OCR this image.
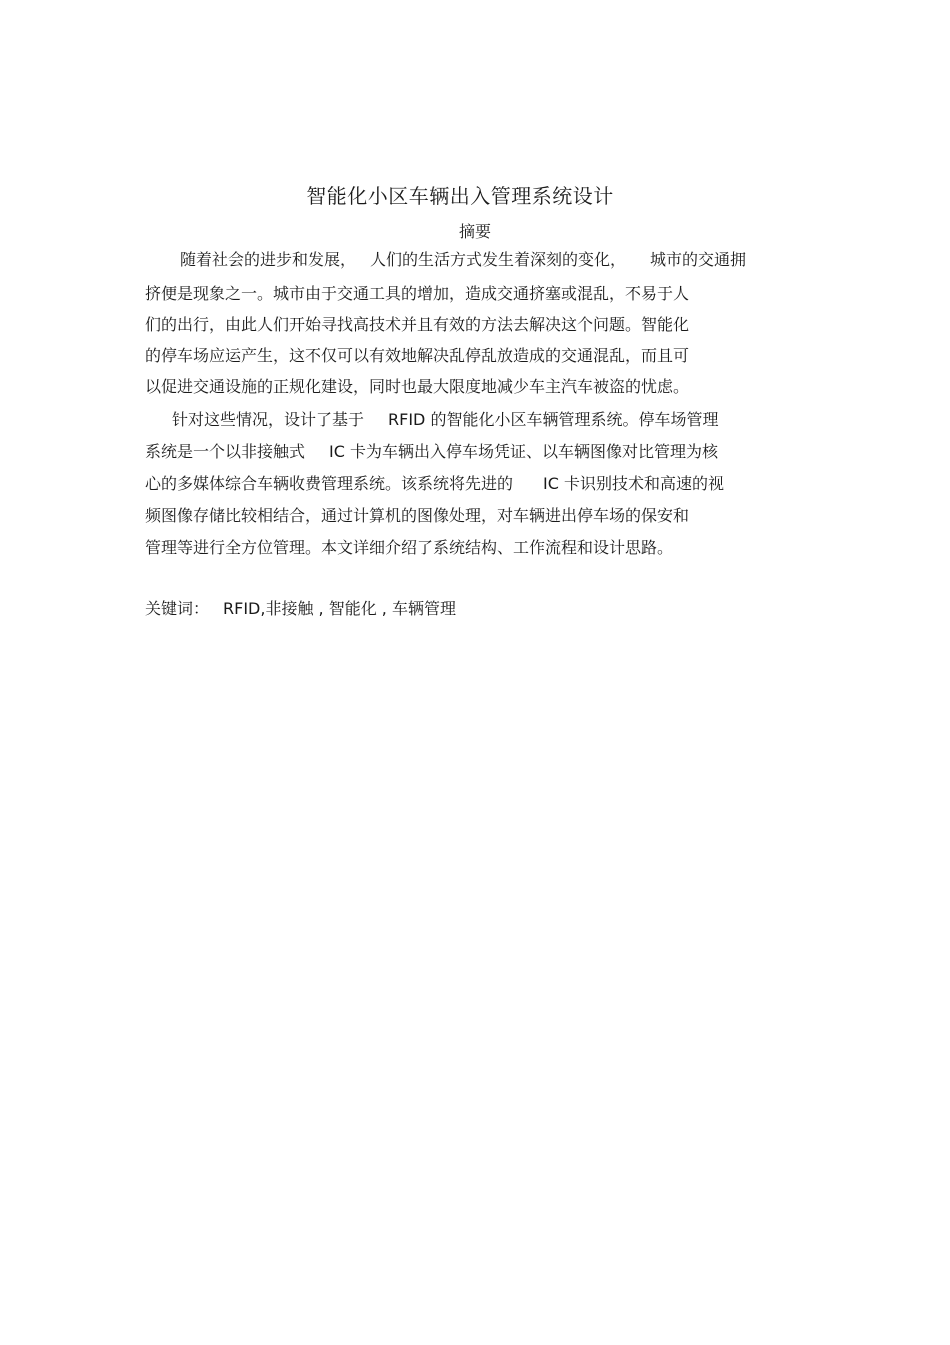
智能化小区车辆出入管理系统设计
摘要
随着社会的进步和发展， 人们的生活方式发生着深刻的变化， 城市的交通拥
挤便是现象之一。城市由于交通工具的增加，造成交通挤塞或混乱，不易于人
们的出行，由此人们开始寻找高技术并且有效的方法去解决这个问题。智能化
的停车场应运产生，这不仅可以有效地解决乱停乱放造成的交通混乱，而且可
以促进交通设施的正规化建设，同时也最大限度地减少车主汽车被盗的忧虑。
针对这些情况，设计了基于 RFID 的智能化小区车辆管理系统。停车场管理
系统是一个以非接触式 IC 卡为车辆出入停车场凭证、以车辆图像对比管理为核
心的多媒体综合车辆收费管理系统。该系统将先进的 IC 卡识别技术和高速的视
频图像存储比较相结合，通过计算机的图像处理，对车辆进出停车场的保安和
管理等进行全方位管理。本文详细介绍了系统结构、工作流程和设计思路。
关键词： RFID,非接触 , 智能化 , 车辆管理
